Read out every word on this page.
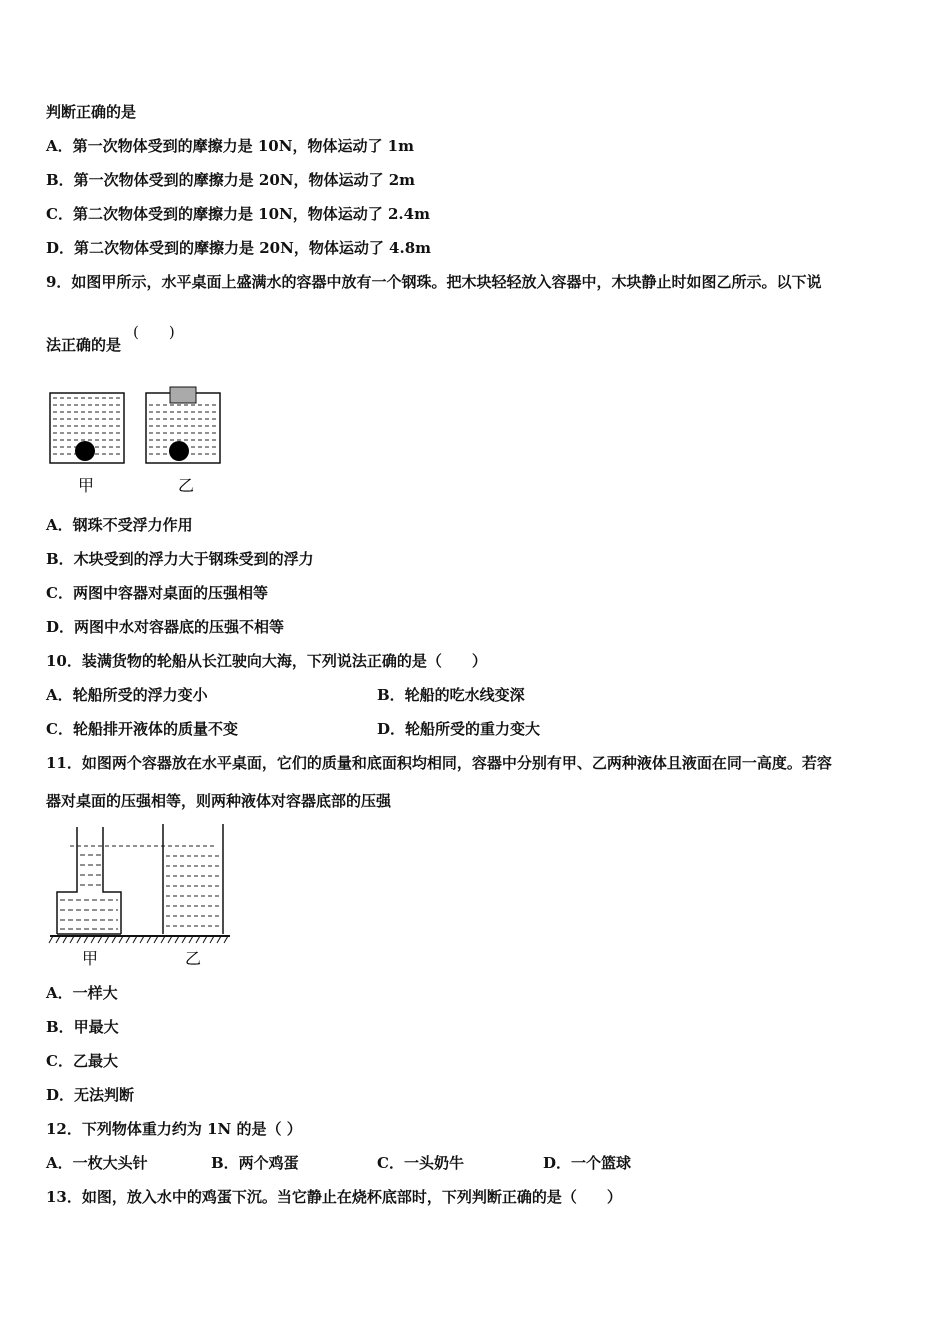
判断正确的是
A．第一次物体受到的摩擦力是 10N，物体运动了 1m
B．第一次物体受到的摩擦力是 20N，物体运动了 2m
C．第二次物体受到的摩擦力是 10N，物体运动了 2.4m
D．第二次物体受到的摩擦力是 20N，物体运动了 4.8m
9．如图甲所示，水平桌面上盛满水的容器中放有一个钢珠。把木块轻轻放入容器中，木块静止时如图乙所示。以下说
法正确的是
(　　)
甲	乙
A．钢珠不受浮力作用
B．木块受到的浮力大于钢珠受到的浮力
C．两图中容器对桌面的压强相等
D．两图中水对容器底的压强不相等
10．装满货物的轮船从长江驶向大海，下列说法正确的是（　　）
A．轮船所受的浮力变小	B．轮船的吃水线变深
C．轮船排开液体的质量不变	D．轮船所受的重力变大
11．如图两个容器放在水平桌面，它们的质量和底面积均相同，容器中分别有甲、乙两种液体且液面在同一高度。若容
器对桌面的压强相等，则两种液体对容器底部的压强
甲	乙
A．一样大
B．甲最大
C．乙最大
D．无法判断
12．下列物体重力约为 1N 的是（ ）
A．一枚大头针	B．两个鸡蛋	C．一头奶牛	D．一个篮球
13．如图，放入水中的鸡蛋下沉。当它静止在烧杯底部时，下列判断正确的是（　　）
